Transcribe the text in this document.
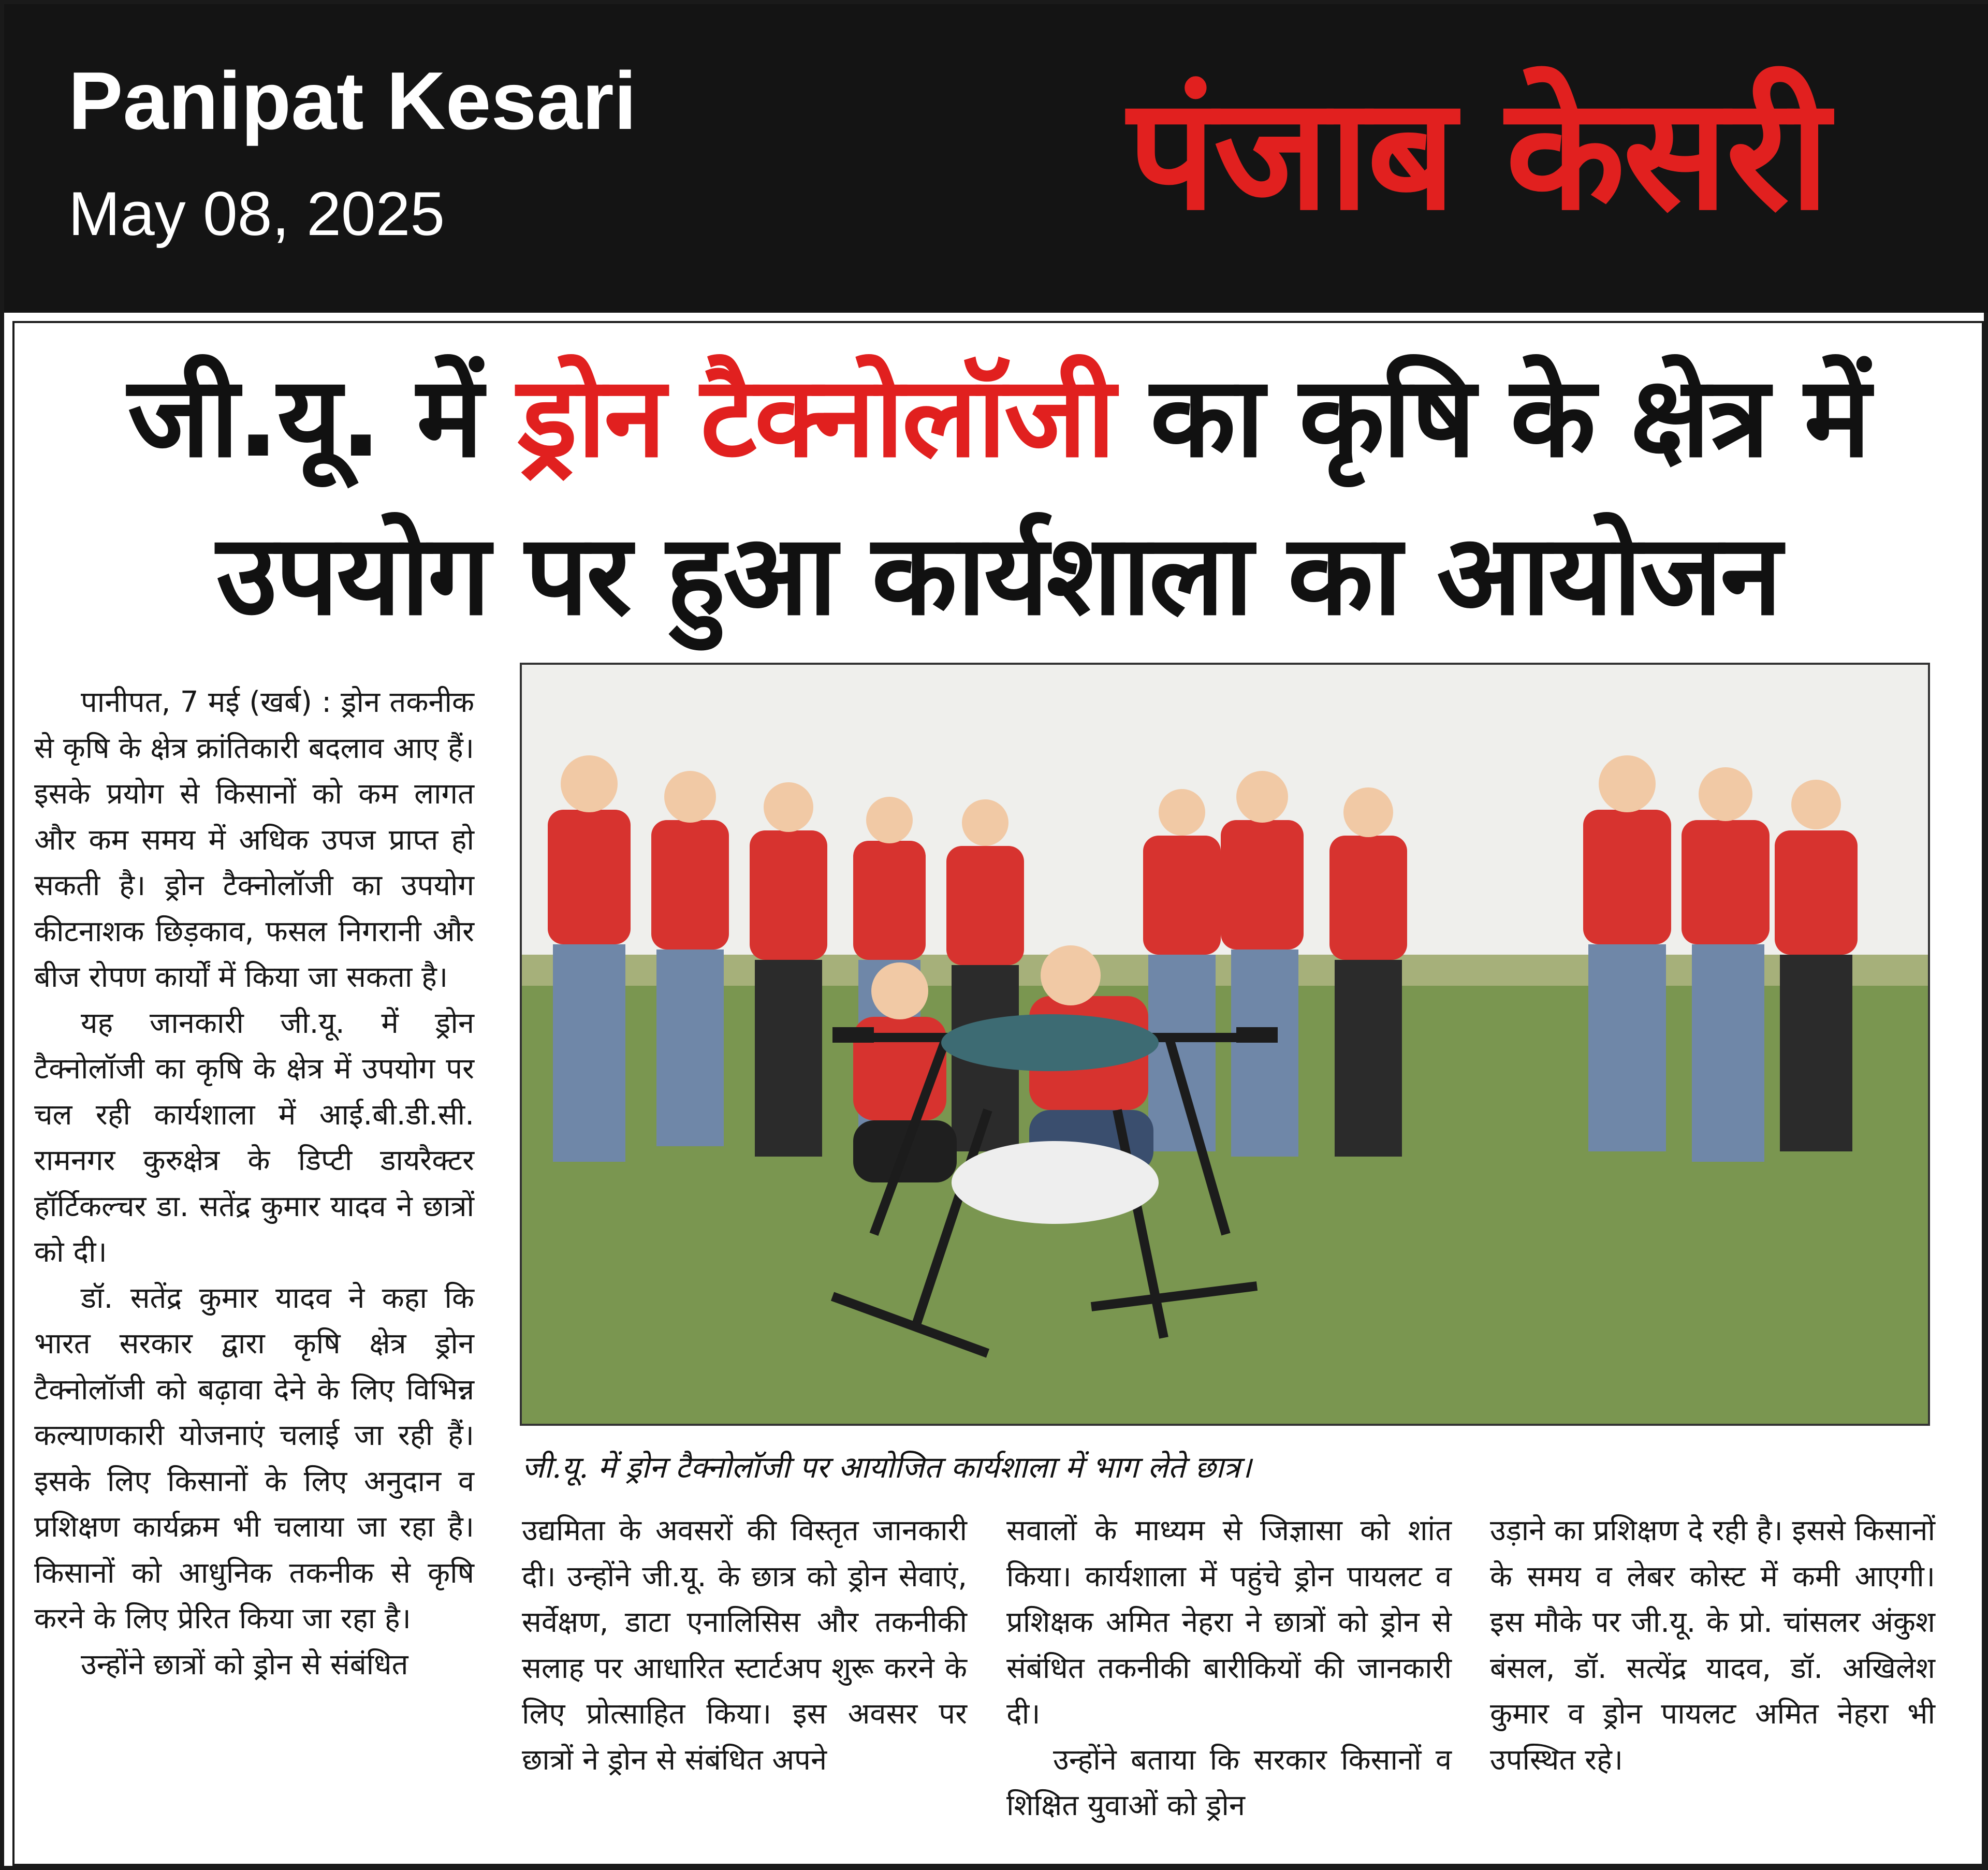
Panipat Kesari
May 08, 2025	पंजाब केसरी
जी.यू. में ड्रोन टैक्नोलॉजी का कृषि के क्षेत्र में
उपयोग पर हुआ कार्यशाला का आयोजन

पानीपत, 7 मई (खर्ब) : ड्रोन तकनीक से कृषि के क्षेत्र क्रांतिकारी बदलाव आए हैं। इसके प्रयोग से किसानों को कम लागत और कम समय में अधिक उपज प्राप्त हो सकती है। ड्रोन टैक्नोलॉजी का उपयोग कीटनाशक छिड़काव, फसल निगरानी और बीज रोपण कार्यों में किया जा सकता है।

यह जानकारी जी.यू. में ड्रोन टैक्नोलॉजी का कृषि के क्षेत्र में उपयोग पर चल रही कार्यशाला में आई.बी.डी.सी. रामनगर कुरुक्षेत्र के डिप्टी डायरैक्टर हॉर्टिकल्चर डा. सतेंद्र कुमार यादव ने छात्रों को दी।

डॉ. सतेंद्र कुमार यादव ने कहा कि भारत सरकार द्वारा कृषि क्षेत्र ड्रोन टैक्नोलॉजी को बढ़ावा देने के लिए विभिन्न कल्याणकारी योजनाएं चलाई जा रही हैं। इसके लिए किसानों के लिए अनुदान व प्रशिक्षण कार्यक्रम भी चलाया जा रहा है। किसानों को आधुनिक तकनीक से कृषि करने के लिए प्रेरित किया जा रहा है।

उन्होंने छात्रों को ड्रोन से संबंधित

जी.यू. में ड्रोन टैक्नोलॉजी पर आयोजित कार्यशाला में भाग लेते छात्र।

उद्यमिता के अवसरों की विस्तृत जानकारी दी। उन्होंने जी.यू. के छात्र को ड्रोन सेवाएं, सर्वेक्षण, डाटा एनालिसिस और तकनीकी सलाह पर आधारित स्टार्टअप शुरू करने के लिए प्रोत्साहित किया। इस अवसर पर छात्रों ने ड्रोन से संबंधित अपने

सवालों के माध्यम से जिज्ञासा को शांत किया। कार्यशाला में पहुंचे ड्रोन पायलट व प्रशिक्षक अमित नेहरा ने छात्रों को ड्रोन से संबंधित तकनीकी बारीकियों की जानकारी दी।

उन्होंने बताया कि सरकार किसानों व शिक्षित युवाओं को ड्रोन

उड़ाने का प्रशिक्षण दे रही है। इससे किसानों के समय व लेबर कोस्ट में कमी आएगी। इस मौके पर जी.यू. के प्रो. चांसलर अंकुश बंसल, डॉ. सत्येंद्र यादव, डॉ. अखिलेश कुमार व ड्रोन पायलट अमित नेहरा भी उपस्थित रहे।
